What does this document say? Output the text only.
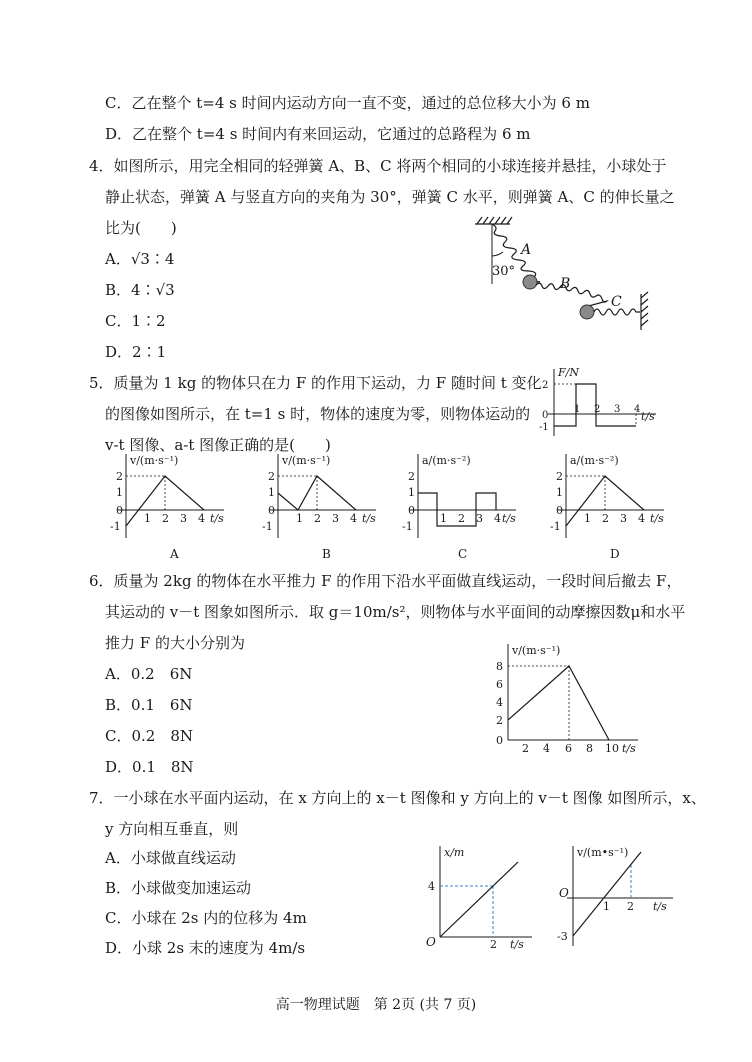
C．乙在整个 t=4 s 时间内运动方向一直不变，通过的总位移大小为 6 m
D．乙在整个 t=4 s 时间内有来回运动，它通过的总路程为 6 m
4．如图所示，用完全相同的轻弹簧 A、B、C 将两个相同的小球连接并悬挂，小球处于
静止状态，弹簧 A 与竖直方向的夹角为 30°，弹簧 C 水平，则弹簧 A、C 的伸长量之
比为(　　)
A．√3∶4
B．4∶√3
C．1∶2
D．2∶1
30°
A
B
C
5．质量为 1 kg 的物体只在力 F 的作用下运动，力 F 随时间 t 变化
的图像如图所示，在 t=1 s 时，物体的速度为零，则物体运动的
v-t 图像、a-t 图像正确的是(　　)
F/N
t/s
2
0
-1
1 2 3 4
v/(m·s⁻¹)
t/s
2
1
0
-1
1 2 3 4
A
v/(m·s⁻¹)
t/s
2
1
0
-1
1 2 3 4
B
a/(m·s⁻²)
t/s
2
1
0
-1
1 2 3 4
C
a/(m·s⁻²)
t/s
2
1
0
-1
1 2 3 4
D
6．质量为 2kg 的物体在水平推力 F 的作用下沿水平面做直线运动，一段时间后撤去 F，
其运动的 v－t 图象如图所示．取 g＝10m/s²，则物体与水平面间的动摩擦因数μ和水平
推力 F 的大小分别为
A．0.2　6N
B．0.1　6N
C．0.2　8N
D．0.1　8N
v/(m·s⁻¹)
t/s
8
6
4
2
0
2 4 6 8 10
7．一小球在水平面内运动，在 x 方向上的 x－t 图像和 y 方向上的 v－t 图像 如图所示，x、
y 方向相互垂直，则
A．小球做直线运动
B．小球做变加速运动
C．小球在 2s 内的位移为 4m
D．小球 2s 末的速度为 4m/s
x/m
t/s
O
4
2
v/(m•s⁻¹)
t/s
O
-3
1 2
高一物理试题　第 2页 (共 7 页)
